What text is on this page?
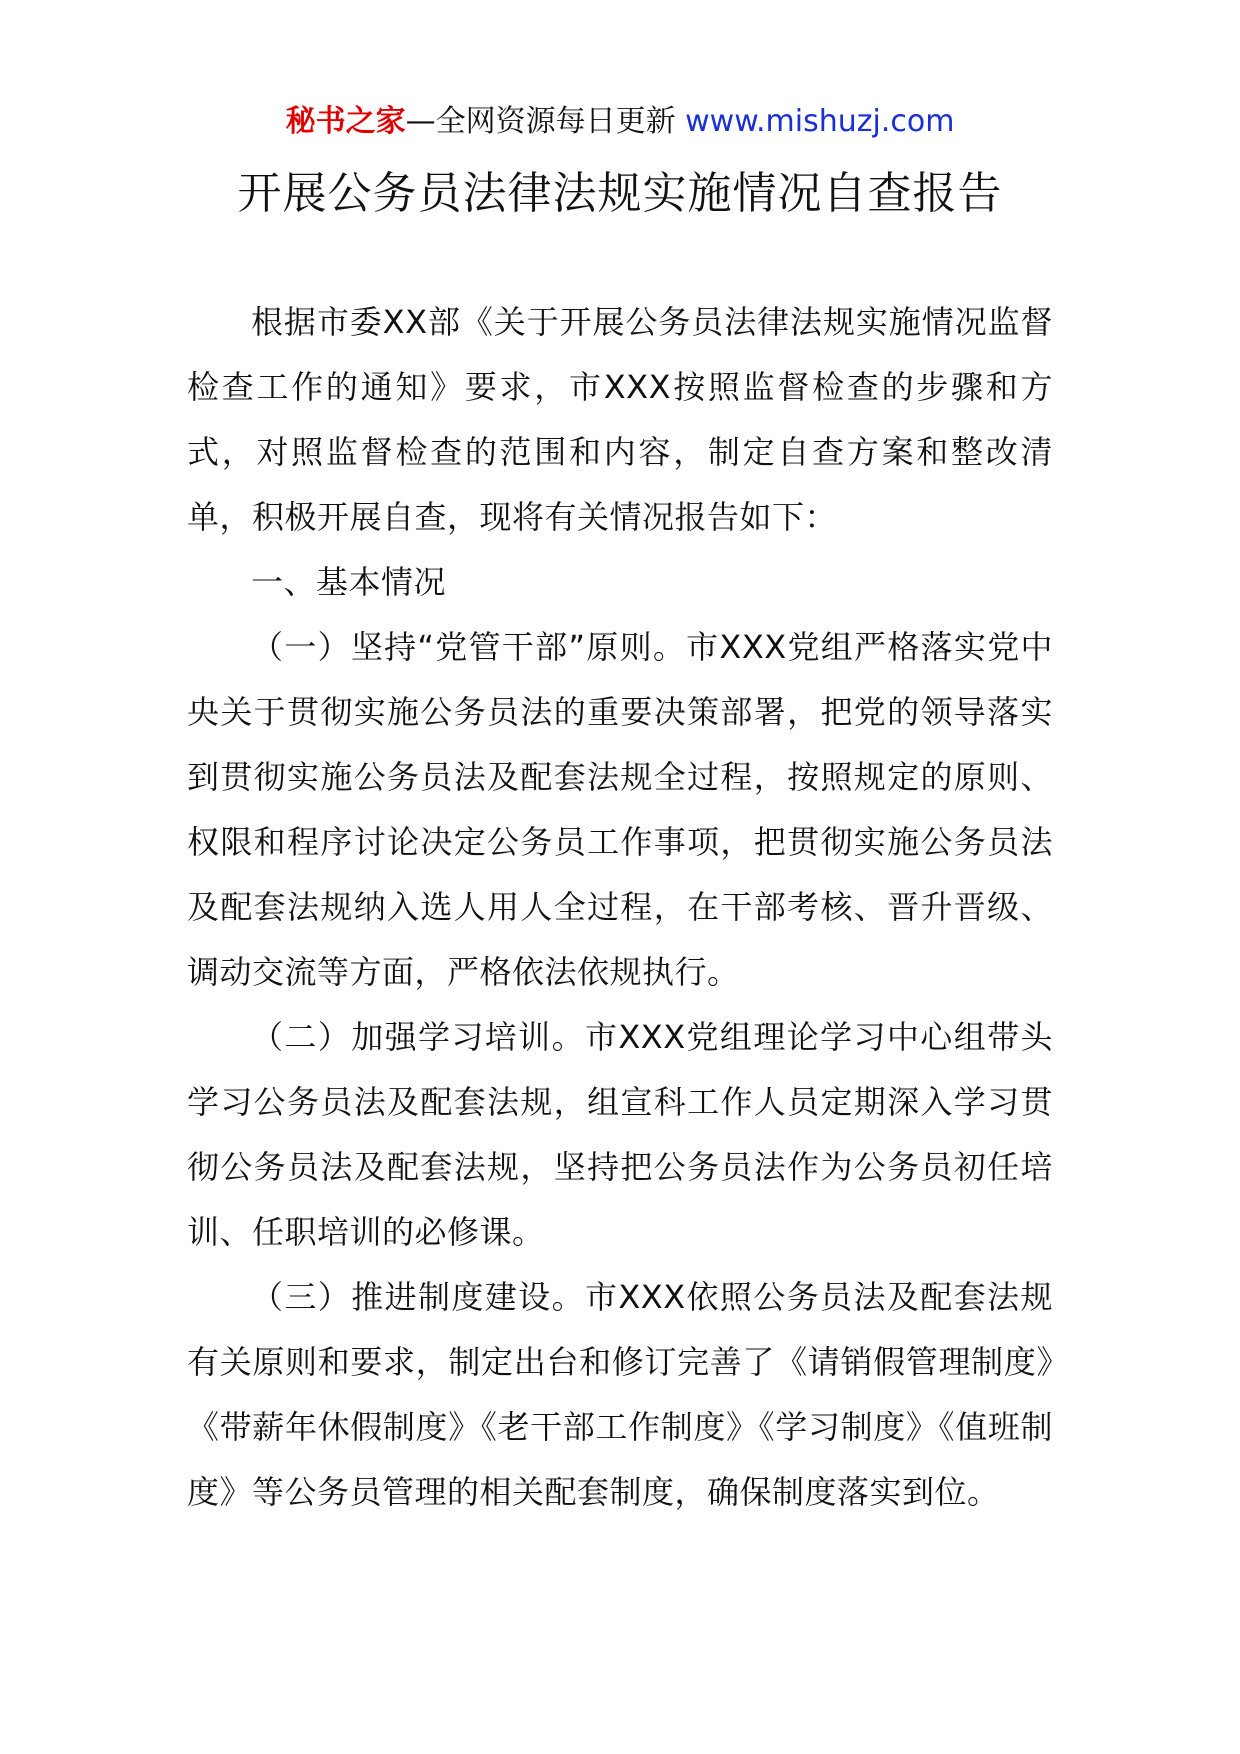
秘书之家—全网资源每日更新 www.mishuzj.com
开展公务员法律法规实施情况自查报告

根据市委XX部《关于开展公务员法律法规实施情况监督检查工作的通知》要求，市XXX按照监督检查的步骤和方式，对照监督检查的范围和内容，制定自查方案和整改清单，积极开展自查，现将有关情况报告如下：

一、基本情况

（一）坚持“党管干部”原则。市XXX党组严格落实党中央关于贯彻实施公务员法的重要决策部署，把党的领导落实到贯彻实施公务员法及配套法规全过程，按照规定的原则、权限和程序讨论决定公务员工作事项，把贯彻实施公务员法及配套法规纳入选人用人全过程，在干部考核、晋升晋级、调动交流等方面，严格依法依规执行。

（二）加强学习培训。市XXX党组理论学习中心组带头学习公务员法及配套法规，组宣科工作人员定期深入学习贯彻公务员法及配套法规，坚持把公务员法作为公务员初任培训、任职培训的必修课。

（三）推进制度建设。市XXX依照公务员法及配套法规有关原则和要求，制定出台和修订完善了《请销假管理制度》《带薪年休假制度》《老干部工作制度》《学习制度》《值班制度》等公务员管理的相关配套制度，确保制度落实到位。
